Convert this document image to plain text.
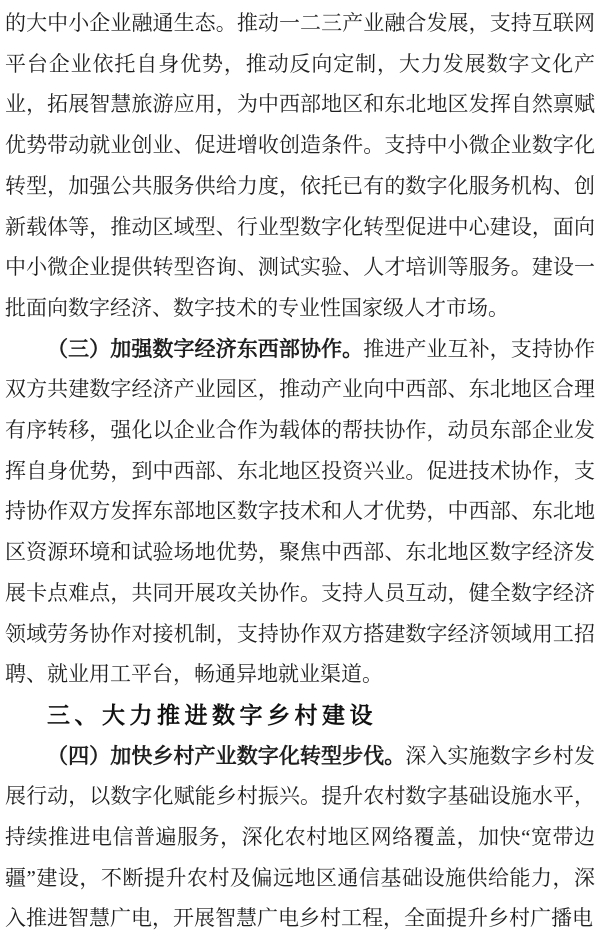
的大中小企业融通生态。推动一二三产业融合发展，支持互联网平台企业依托自身优势，推动反向定制，大力发展数字文化产业，拓展智慧旅游应用，为中西部地区和东北地区发挥自然禀赋优势带动就业创业、促进增收创造条件。支持中小微企业数字化转型，加强公共服务供给力度，依托已有的数字化服务机构、创新载体等，推动区域型、行业型数字化转型促进中心建设，面向中小微企业提供转型咨询、测试实验、人才培训等服务。建设一批面向数字经济、数字技术的专业性国家级人才市场。

（三）加强数字经济东西部协作。推进产业互补，支持协作双方共建数字经济产业园区，推动产业向中西部、东北地区合理有序转移，强化以企业合作为载体的帮扶协作，动员东部企业发挥自身优势，到中西部、东北地区投资兴业。促进技术协作，支持协作双方发挥东部地区数字技术和人才优势，中西部、东北地区资源环境和试验场地优势，聚焦中西部、东北地区数字经济发展卡点难点，共同开展攻关协作。支持人员互动，健全数字经济领域劳务协作对接机制，支持协作双方搭建数字经济领域用工招聘、就业用工平台，畅通异地就业渠道。

三、大力推进数字乡村建设

（四）加快乡村产业数字化转型步伐。深入实施数字乡村发展行动，以数字化赋能乡村振兴。提升农村数字基础设施水平，持续推进电信普遍服务，深化农村地区网络覆盖，加快“宽带边疆”建设，不断提升农村及偏远地区通信基础设施供给能力，深入推进智慧广电，开展智慧广电乡村工程，全面提升乡村广播电
